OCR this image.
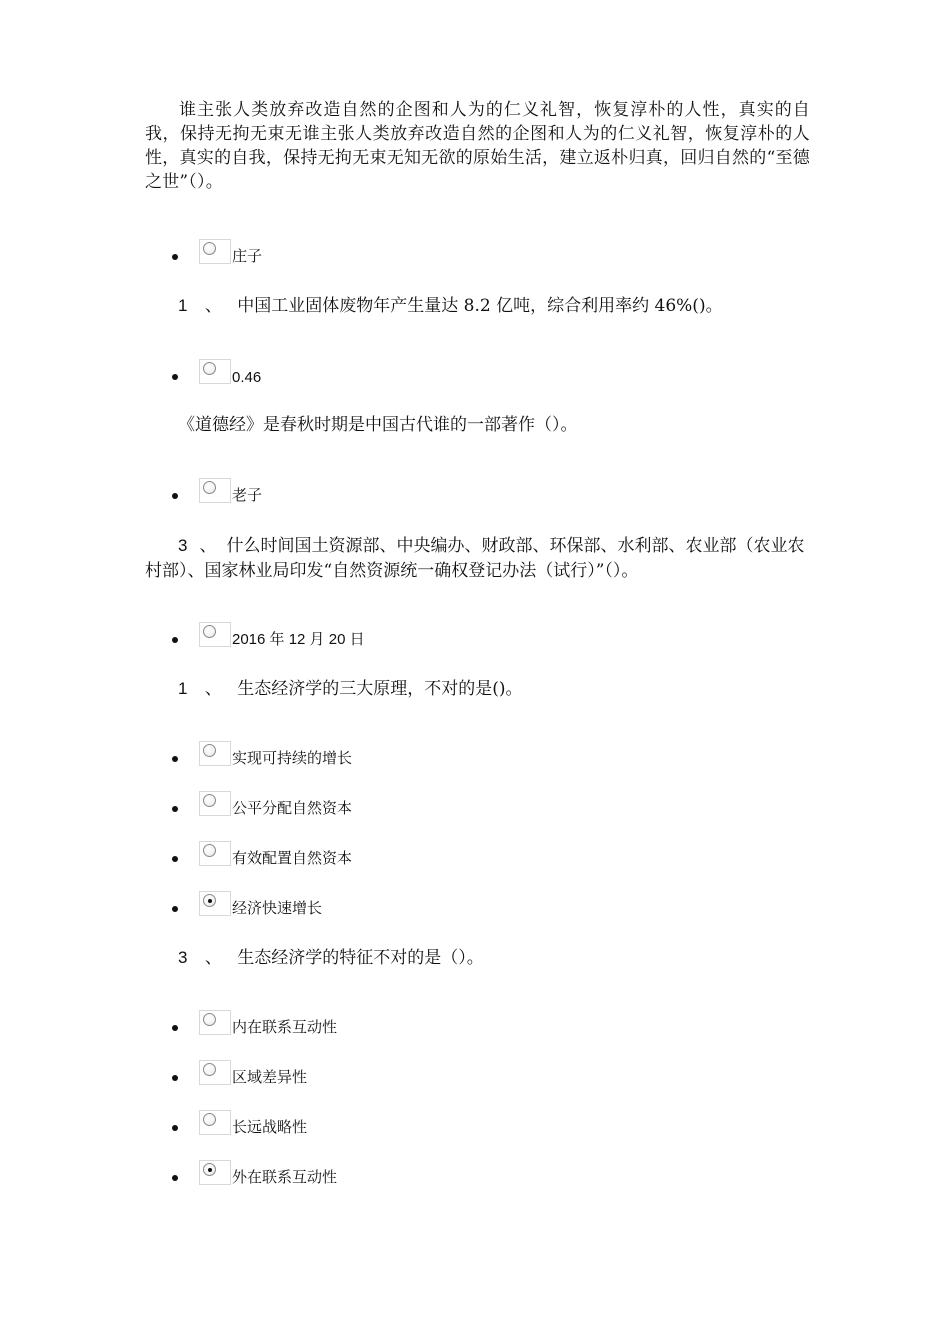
谁主张人类放弃改造自然的企图和人为的仁义礼智，恢复淳朴的人性，真实的自我，保持无拘无束无谁主张人类放弃改造自然的企图和人为的仁义礼智，恢复淳朴的人性，真实的自我，保持无拘无束无知无欲的原始生活，建立返朴归真，回归自然的“至德之世”（）。
庄子
1 、 中国工业固体废物年产生量达 8.2 亿吨，综合利用率约 46%()。
0.46
《道德经》是春秋时期是中国古代谁的一部著作（）。
老子
3 、 什么时间国土资源部、中央编办、财政部、环保部、水利部、农业部（农业农村部）、国家林业局印发“自然资源统一确权登记办法（试行）”（）。
2016 年 12 月 20 日
1 、 生态经济学的三大原理，不对的是()。
实现可持续的增长
公平分配自然资本
有效配置自然资本
经济快速增长
3 、 生态经济学的特征不对的是（）。
内在联系互动性
区域差异性
长远战略性
外在联系互动性
